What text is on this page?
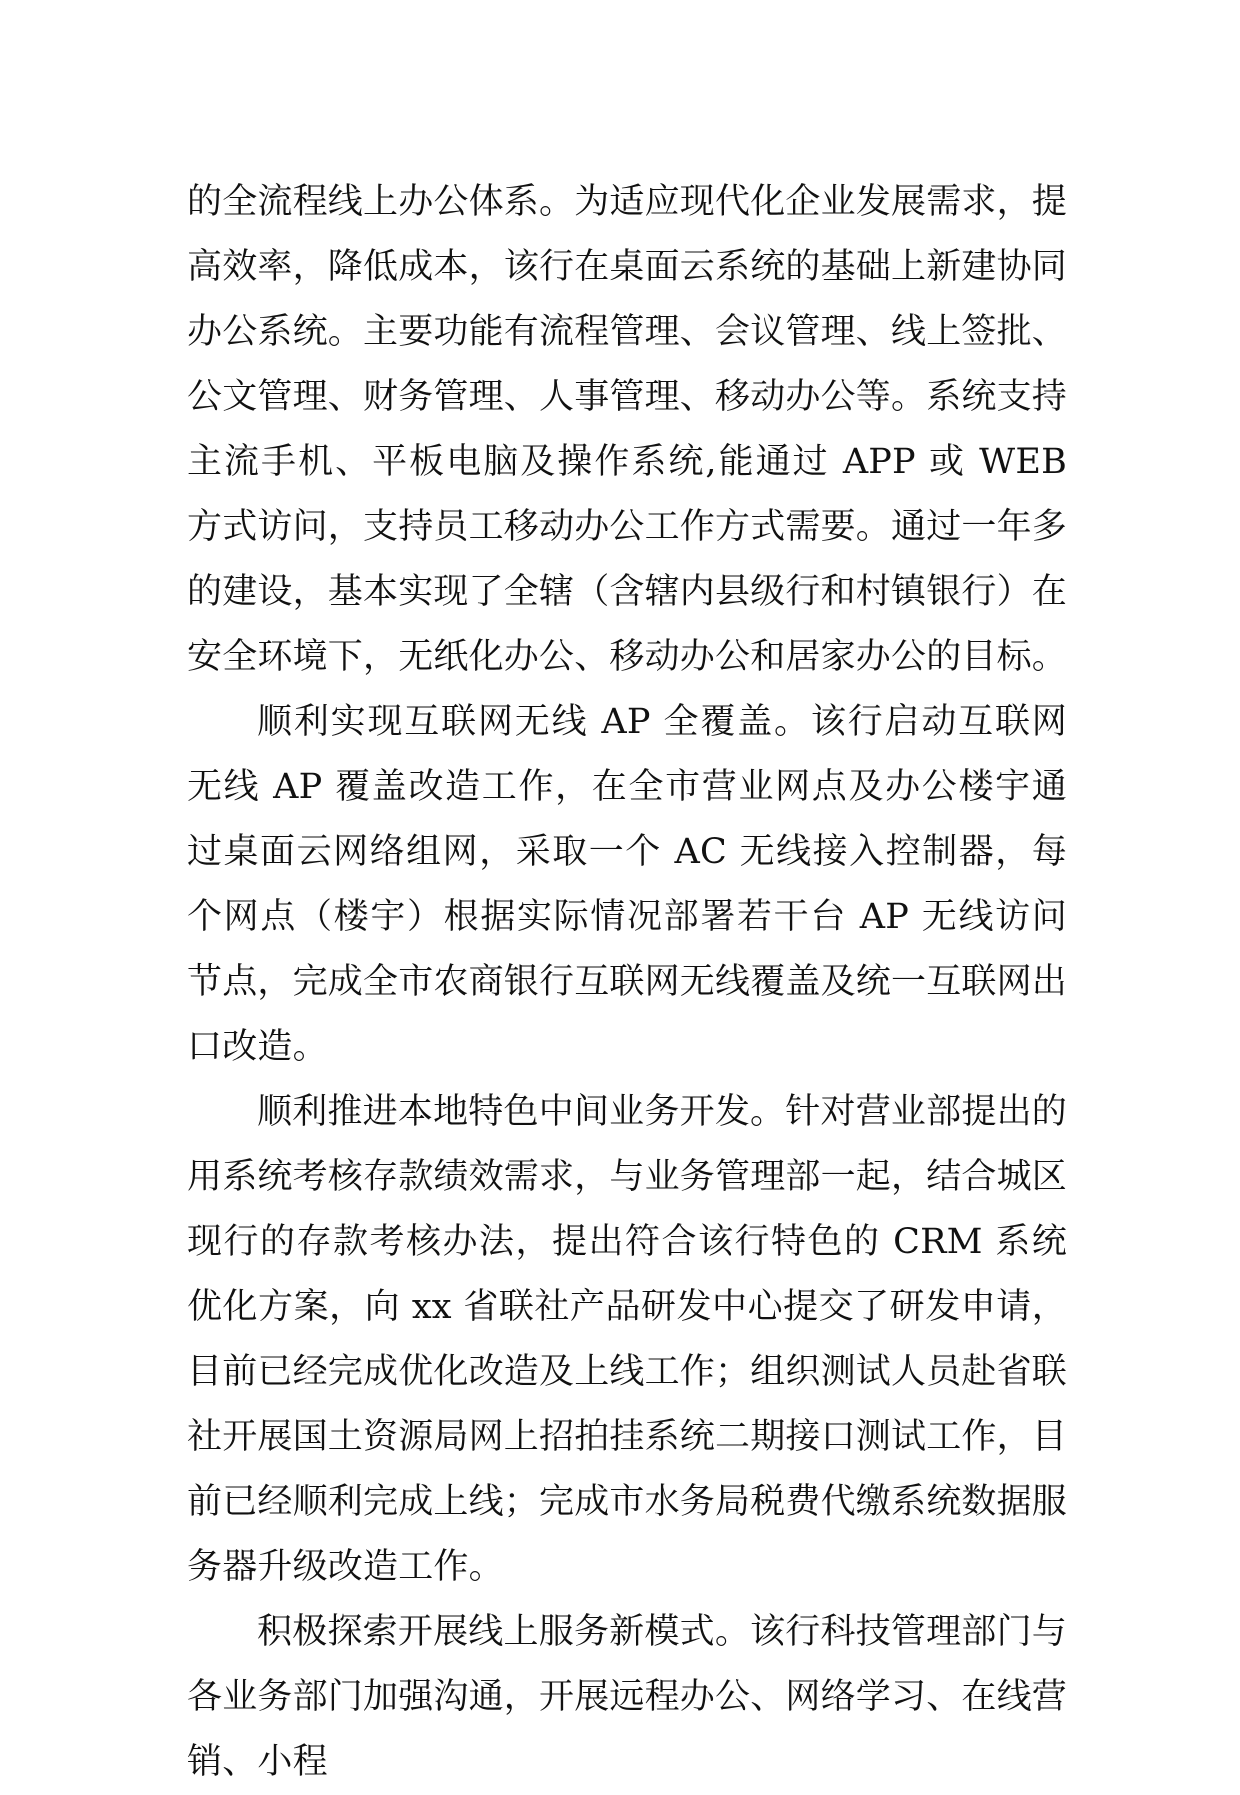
的全流程线上办公体系。为适应现代化企业发展需求，提高效率，降低成本，该行在桌面云系统的基础上新建协同办公系统。主要功能有流程管理、会议管理、线上签批、公文管理、财务管理、人事管理、移动办公等。系统支持主流手机、平板电脑及操作系统,能通过 APP 或 WEB 方式访问，支持员工移动办公工作方式需要。通过一年多的建设，基本实现了全辖（含辖内县级行和村镇银行）在安全环境下，无纸化办公、移动办公和居家办公的目标。

顺利实现互联网无线 AP 全覆盖。该行启动互联网无线 AP 覆盖改造工作，在全市营业网点及办公楼宇通过桌面云网络组网，采取一个 AC 无线接入控制器，每个网点（楼宇）根据实际情况部署若干台 AP 无线访问节点，完成全市农商银行互联网无线覆盖及统一互联网出口改造。

顺利推进本地特色中间业务开发。针对营业部提出的用系统考核存款绩效需求，与业务管理部一起，结合城区现行的存款考核办法，提出符合该行特色的 CRM 系统优化方案，向 xx 省联社产品研发中心提交了研发申请，目前已经完成优化改造及上线工作；组织测试人员赴省联社开展国土资源局网上招拍挂系统二期接口测试工作，目前已经顺利完成上线；完成市水务局税费代缴系统数据服务器升级改造工作。

积极探索开展线上服务新模式。该行科技管理部门与各业务部门加强沟通，开展远程办公、网络学习、在线营销、小程
